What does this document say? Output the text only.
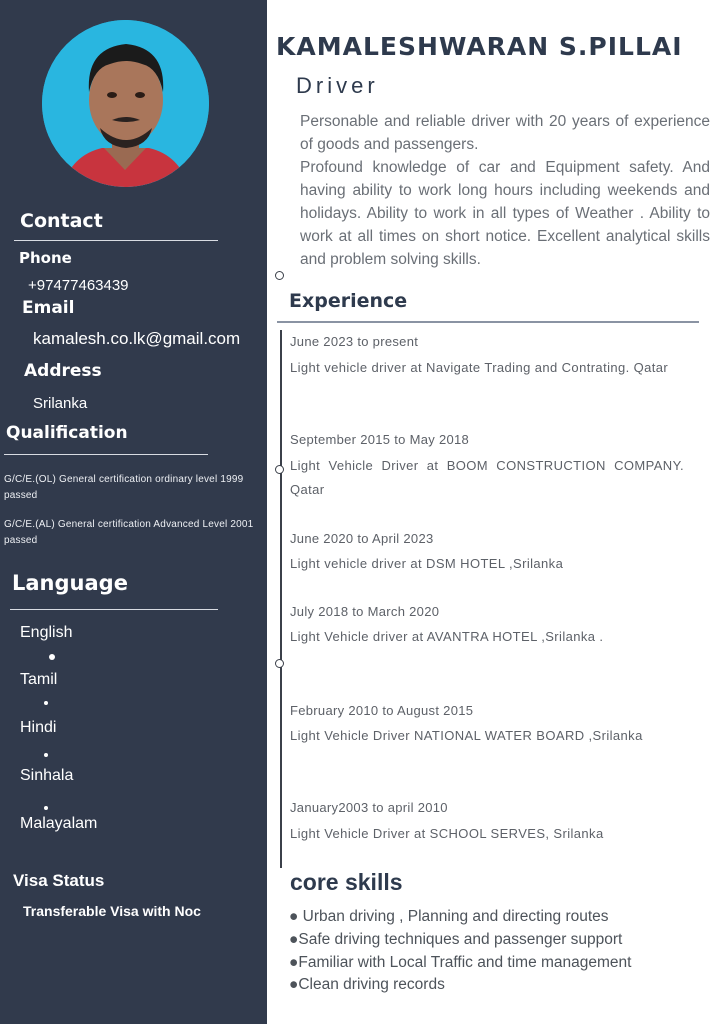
Contact
Phone
+97477463439
Email
kamalesh.co.lk@gmail.com
Address
Srilanka
Qualification
G/C/E.(OL) General certification ordinary level 1999 passed
G/C/E.(AL) General certification Advanced Level 2001 passed
Language
English
Tamil
Hindi
Sinhala
Malayalam
Visa Status
Transferable Visa with Noc
KAMALESHWARAN S.PILLAI
Driver

Personable and reliable driver with 20 years of experience of goods and passengers.

Profound knowledge of car and Equipment safety. And having ability to work long hours including weekends and holidays. Ability to work in all types of Weather . Ability to work at all times on short notice. Excellent analytical skills and problem solving skills.

Experience
June 2023 to present
Light vehicle driver at Navigate Trading and Contrating. Qatar
September 2015 to May 2018
Light Vehicle Driver at BOOM CONSTRUCTION COMPANY. Qatar
June 2020 to April 2023
Light vehicle driver at DSM HOTEL ,Srilanka
July 2018 to March 2020
Light Vehicle driver at AVANTRA HOTEL ,Srilanka .
February 2010 to August 2015
Light Vehicle Driver NATIONAL WATER BOARD ,Srilanka
January2003 to april 2010
Light Vehicle Driver at SCHOOL SERVES, Srilanka
core skills
● Urban driving , Planning and directing routes
●Safe driving techniques and passenger support
●Familiar with Local Traffic and time management
●Clean driving records
